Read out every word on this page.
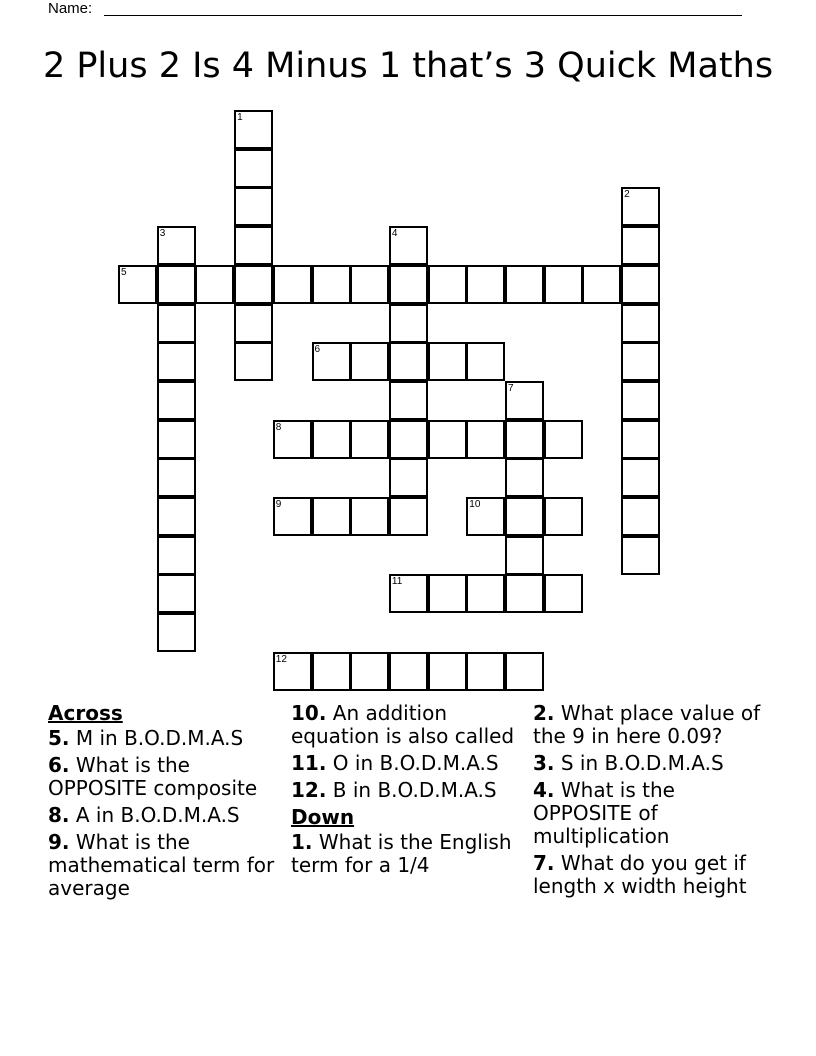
Name:
2 Plus 2 Is 4 Minus 1 that’s 3 Quick Maths
1
2
3	4
5
6
7
8
9	10
11
12
Across
5. M in B.O.D.M.A.S
6. What is the OPPOSITE composite
8. A in B.O.D.M.A.S
9. What is the mathematical term for average
10. An addition equation is also called
11. O in B.O.D.M.A.S
12. B in B.O.D.M.A.S
Down
1. What is the English term for a 1/4
2. What place value of the 9 in here 0.09?
3. S in B.O.D.M.A.S
4. What is the OPPOSITE of multiplication
7. What do you get if length x width height
